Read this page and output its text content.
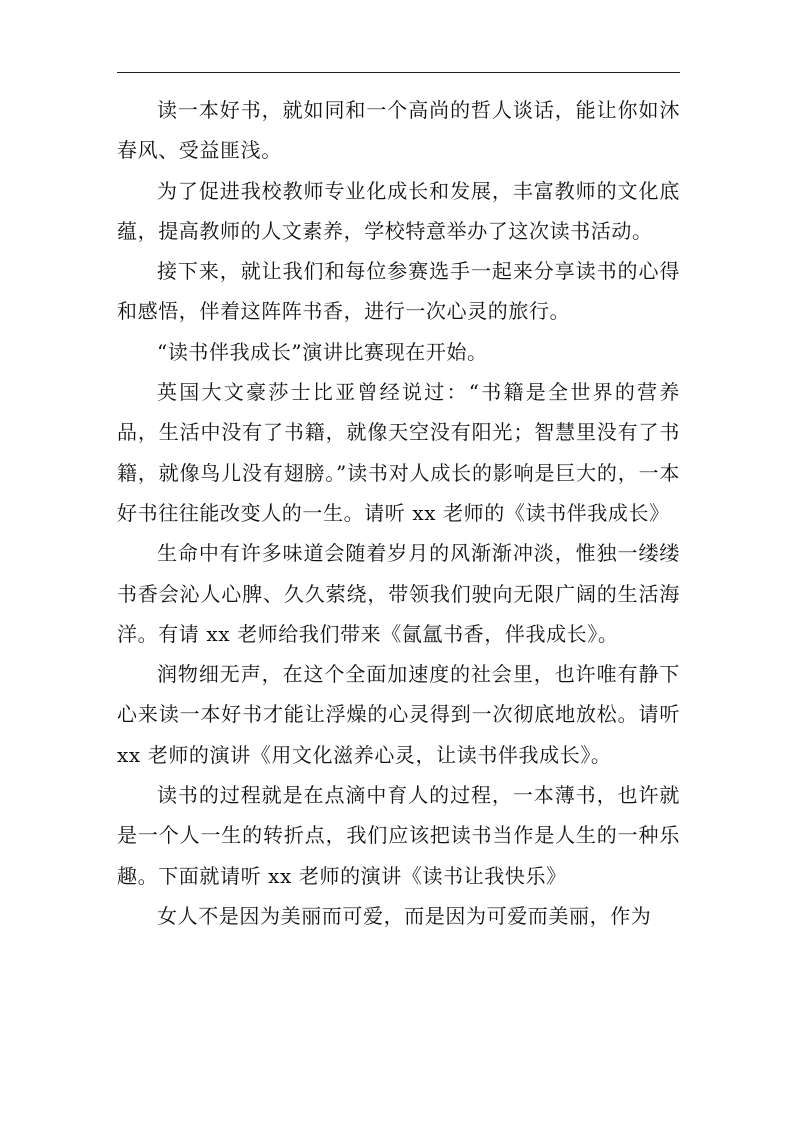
读一本好书，就如同和一个高尚的哲人谈话，能让你如沐春风、受益匪浅。

为了促进我校教师专业化成长和发展，丰富教师的文化底蕴，提高教师的人文素养，学校特意举办了这次读书活动。

接下来，就让我们和每位参赛选手一起来分享读书的心得和感悟，伴着这阵阵书香，进行一次心灵的旅行。

“读书伴我成长”演讲比赛现在开始。

英国大文豪莎士比亚曾经说过：“书籍是全世界的营养品，生活中没有了书籍，就像天空没有阳光；智慧里没有了书籍，就像鸟儿没有翅膀。”读书对人成长的影响是巨大的，一本好书往往能改变人的一生。请听 xx 老师的《读书伴我成长》

生命中有许多味道会随着岁月的风渐渐冲淡，惟独一缕缕书香会沁人心脾、久久萦绕，带领我们驶向无限广阔的生活海洋。有请 xx 老师给我们带来《氤氲书香，伴我成长》。

润物细无声，在这个全面加速度的社会里，也许唯有静下心来读一本好书才能让浮燥的心灵得到一次彻底地放松。请听 xx 老师的演讲《用文化滋养心灵，让读书伴我成长》。

读书的过程就是在点滴中育人的过程，一本薄书，也许就是一个人一生的转折点，我们应该把读书当作是人生的一种乐趣。下面就请听 xx 老师的演讲《读书让我快乐》

女人不是因为美丽而可爱，而是因为可爱而美丽，作为
